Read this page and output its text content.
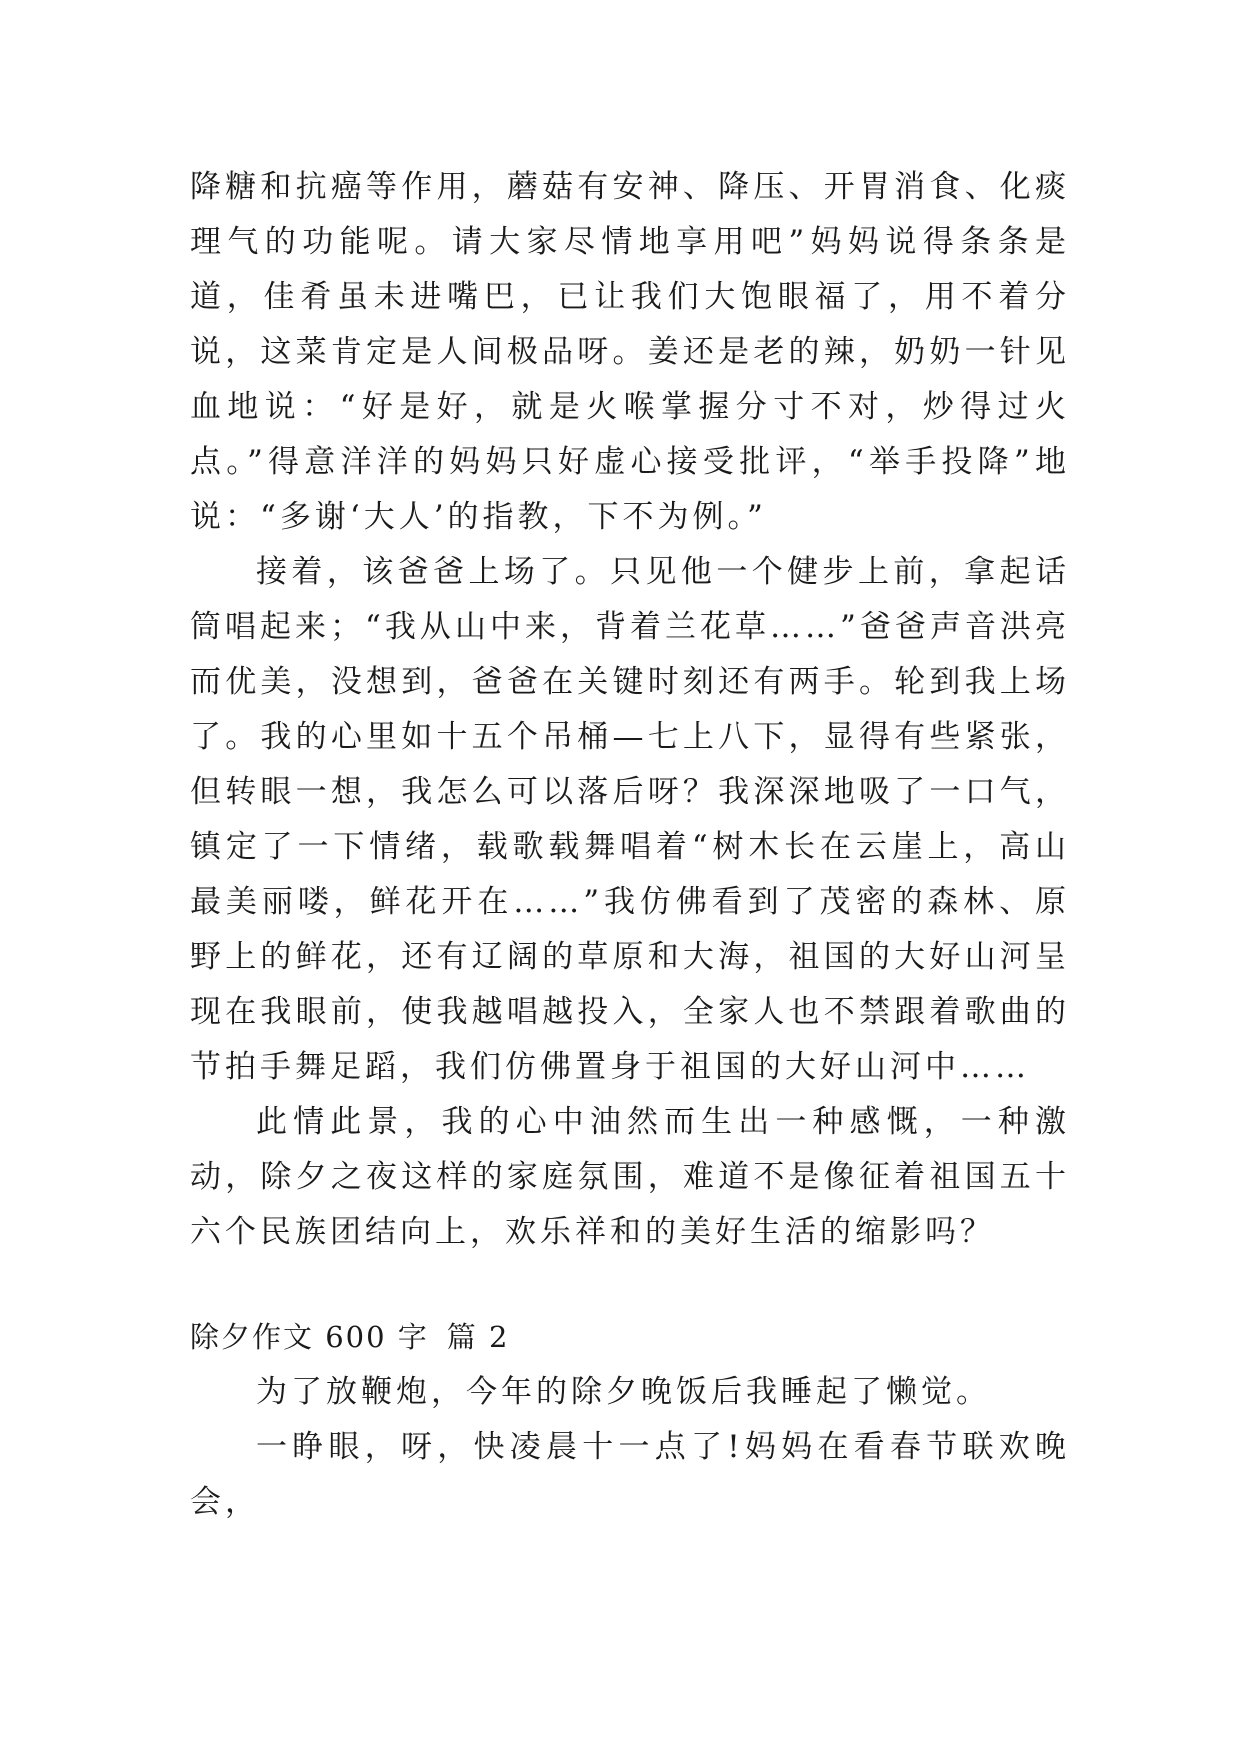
降糖和抗癌等作用，蘑菇有安神、降压、开胃消食、化痰理气的功能呢。请大家尽情地享用吧”妈妈说得条条是道，佳肴虽未进嘴巴，已让我们大饱眼福了，用不着分说，这菜肯定是人间极品呀。姜还是老的辣，奶奶一针见血地说：“好是好，就是火喉掌握分寸不对，炒得过火点。”得意洋洋的妈妈只好虚心接受批评，“举手投降”地说：“多谢‘大人’的指教，下不为例。”

接着，该爸爸上场了。只见他一个健步上前，拿起话筒唱起来；“我从山中来，背着兰花草……”爸爸声音洪亮而优美，没想到，爸爸在关键时刻还有两手。轮到我上场了。我的心里如十五个吊桶—七上八下，显得有些紧张，但转眼一想，我怎么可以落后呀？我深深地吸了一口气，镇定了一下情绪，载歌载舞唱着“树木长在云崖上，高山最美丽喽，鲜花开在……”我仿佛看到了茂密的森林、原野上的鲜花，还有辽阔的草原和大海，祖国的大好山河呈现在我眼前，使我越唱越投入，全家人也不禁跟着歌曲的节拍手舞足蹈，我们仿佛置身于祖国的大好山河中……

此情此景，我的心中油然而生出一种感慨，一种激动，除夕之夜这样的家庭氛围，难道不是像征着祖国五十六个民族团结向上，欢乐祥和的美好生活的缩影吗？

除夕作文 600 字 篇 2

为了放鞭炮，今年的除夕晚饭后我睡起了懒觉。

一睁眼，呀，快凌晨十一点了!妈妈在看春节联欢晚会，
